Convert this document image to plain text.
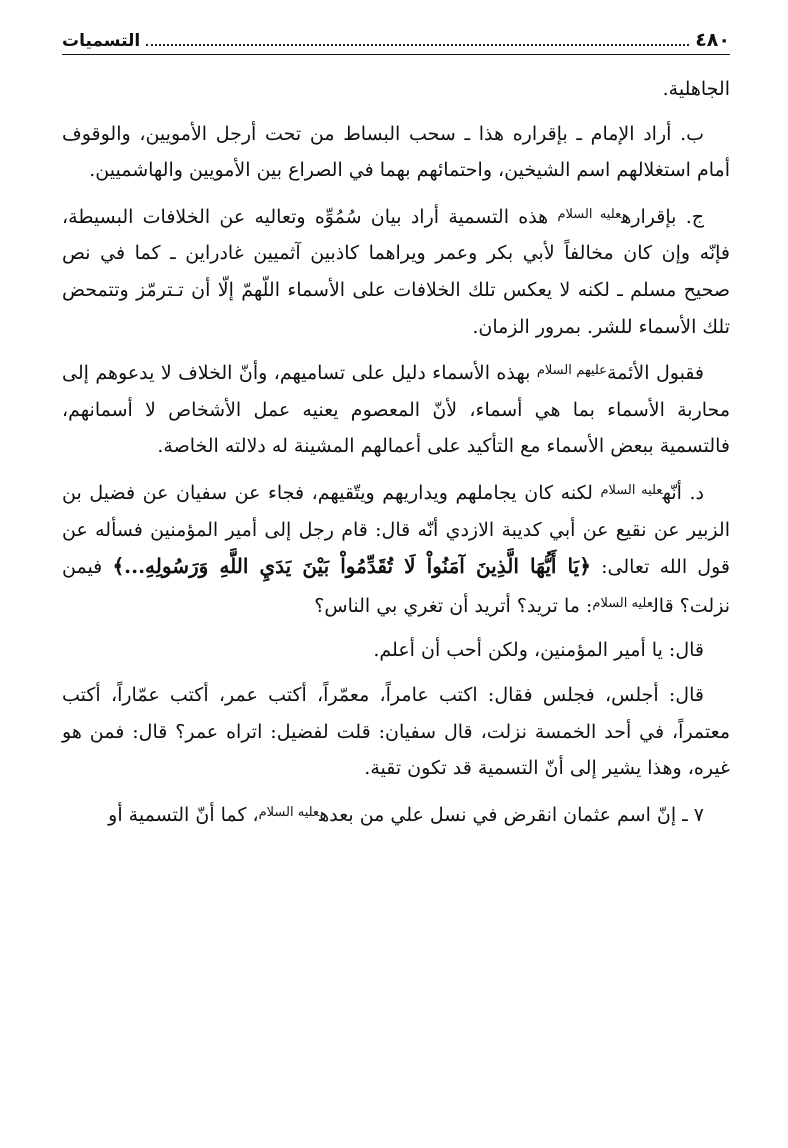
٤٨٠
التسميات

الجاهلية.

ب. أراد الإمام ـ بإقراره هذا ـ سحب البساط من تحت أرجل الأمويين، والوقوف أمام استغلالهم اسم الشيخين، واحتمائهم بهما في الصراع بين الأمويين والهاشميين.

ج. بإقراره$^{عليه السلام}$ هذه التسمية أراد بيان سُمُوِّه وتعاليه عن الخلافات البسيطة، فإنّه وإن كان مخالفاً لأبي بكر وعمر ويراهما كاذبين آثميين غادراين ـ كما في نص صحيح مسلم ـ لكنه لا يعكس تلك الخلافات على الأسماء اللّهمّ إلّا أن تـترمّز وتتمحض تلك الأسماء للشر. بمرور الزمان.

فقبول الأئمة$^{عليهم السلام}$ بهذه الأسماء دليل على تساميهم، وأنّ الخلاف لا يدعوهم إلى محاربة الأسماء بما هي أسماء، لأنّ المعصوم يعنيه عمل الأشخاص لا أسمانهم، فالتسمية ببعض الأسماء مع التأكيد على أعمالهم المشينة له دلالته الخاصة.

د. أنّه$^{عليه السلام}$ لكنه كان يجاملهم ويداريهم ويتّقيهم، فجاء عن سفيان عن فضيل بن الزبير عن نقيع عن أبي كديبة الازدي أنّه قال: قام رجل إلى أمير المؤمنين فسأله عن قول الله تعالى: ﴿يَا أَيُّهَا الَّذِينَ آمَنُواْ لَا تُقَدِّمُواْ بَيْنَ يَدَيِ اللَّهِ وَرَسُولِهِ...﴾ فيمن نزلت؟ قال$^{عليه السلام}$: ما تريد؟ أتريد أن تغري بي الناس؟

قال: يا أمير المؤمنين، ولكن أحب أن أعلم.

قال: أجلس، فجلس فقال: اكتب عامراً، معمّراً، أكتب عمر، أكتب عمّاراً، أكتب معتمراً، في أحد الخمسة نزلت، قال سفيان: قلت لفضيل: اتراه عمر؟ قال: فمن هو غيره، وهذا يشير إلى أنّ التسمية قد تكون تقية.

٧ ـ إنّ اسم عثمان انقرض في نسل علي من بعده$^{عليه السلام}$، كما أنّ التسمية أو
